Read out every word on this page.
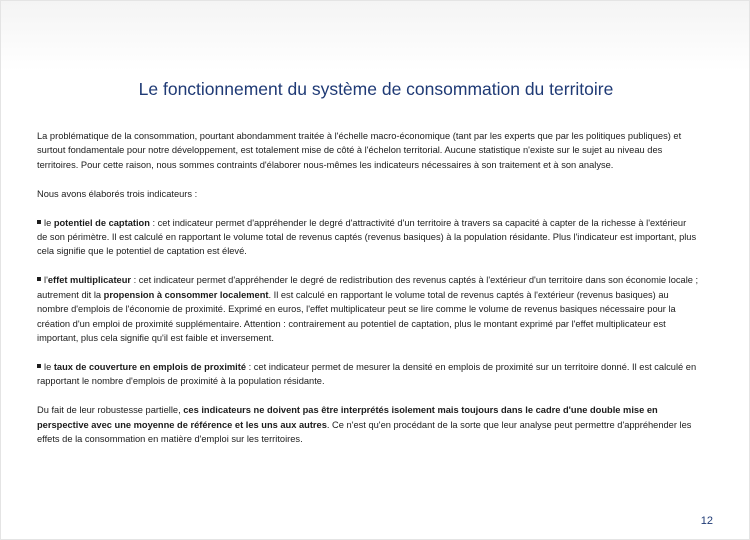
Le fonctionnement du système de consommation du territoire

La problématique de la consommation, pourtant abondamment traitée à l'échelle macro-économique (tant par les experts que par les politiques publiques) et surtout fondamentale pour notre développement, est totalement mise de côté à l'échelon territorial. Aucune statistique n'existe sur le sujet au niveau des territoires. Pour cette raison, nous sommes contraints d'élaborer nous-mêmes les indicateurs nécessaires à son traitement et à son analyse.

Nous avons élaborés trois indicateurs :

le potentiel de captation : cet indicateur permet d'appréhender le degré d'attractivité d'un territoire à travers sa capacité à capter de la richesse à l'extérieur de son périmètre. Il est calculé en rapportant le volume total de revenus captés (revenus basiques) à la population résidante. Plus l'indicateur est important, plus cela signifie que le potentiel de captation est élevé.

l'effet multiplicateur : cet indicateur permet d'appréhender le degré de redistribution des revenus captés à l'extérieur d'un territoire dans son économie locale ; autrement dit la propension à consommer localement. Il est calculé en rapportant le volume total de revenus captés à l'extérieur (revenus basiques) au nombre d'emplois de l'économie de proximité. Exprimé en euros, l'effet multiplicateur peut se lire comme le volume de revenus basiques nécessaire pour la création d'un emploi de proximité supplémentaire. Attention : contrairement au potentiel de captation, plus le montant exprimé par l'effet multiplicateur est important, plus cela signifie qu'il est faible et inversement.

le taux de couverture en emplois de proximité : cet indicateur permet de mesurer la densité en emplois de proximité sur un territoire donné. Il est calculé en rapportant le nombre d'emplois de proximité à la population résidante.

Du fait de leur robustesse partielle, ces indicateurs ne doivent pas être interprétés isolement mais toujours dans le cadre d'une double mise en perspective avec une moyenne de référence et les uns aux autres. Ce n'est qu'en procédant de la sorte que leur analyse peut permettre d'appréhender les effets de la consommation en matière d'emploi sur les territoires.

12
